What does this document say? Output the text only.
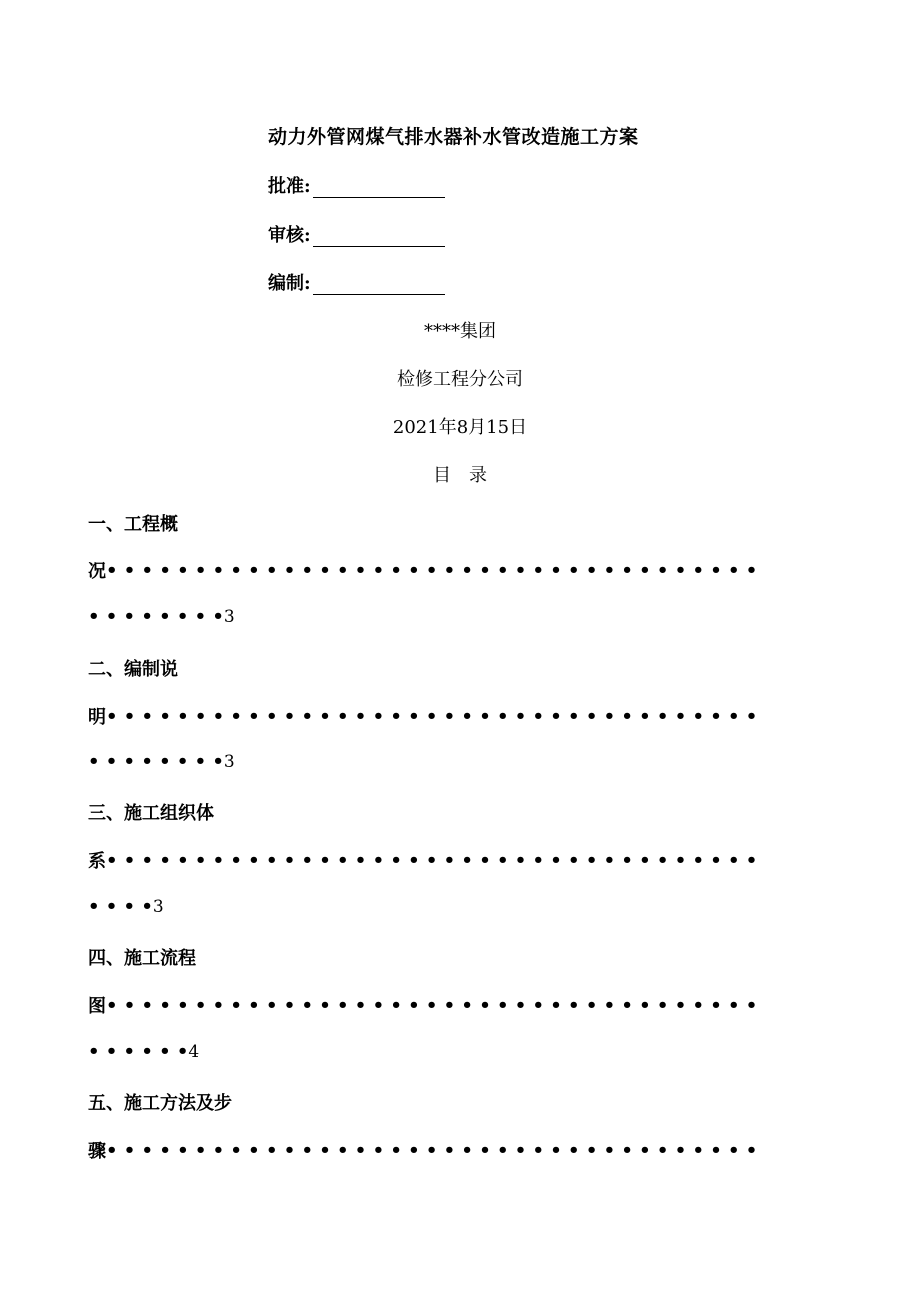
动力外管网煤气排水器补水管改造施工方案
批准:
审核:
编制:
****集团
检修工程分公司
2021年8月15日
目　录
一、工程概
况 • • • • • • • • • • • • • • • • • • • • • • • • • • • • • • • • • • • • •
• • • • • • • • 3
二、编制说
明 • • • • • • • • • • • • • • • • • • • • • • • • • • • • • • • • • • • • •
• • • • • • • • 3
三、施工组织体
系 • • • • • • • • • • • • • • • • • • • • • • • • • • • • • • • • • • • • •
• • • • 3
四、施工流程
图 • • • • • • • • • • • • • • • • • • • • • • • • • • • • • • • • • • • • •
• • • • • • 4
五、施工方法及步
骤 • • • • • • • • • • • • • • • • • • • • • • • • • • • • • • • • • • • • •
